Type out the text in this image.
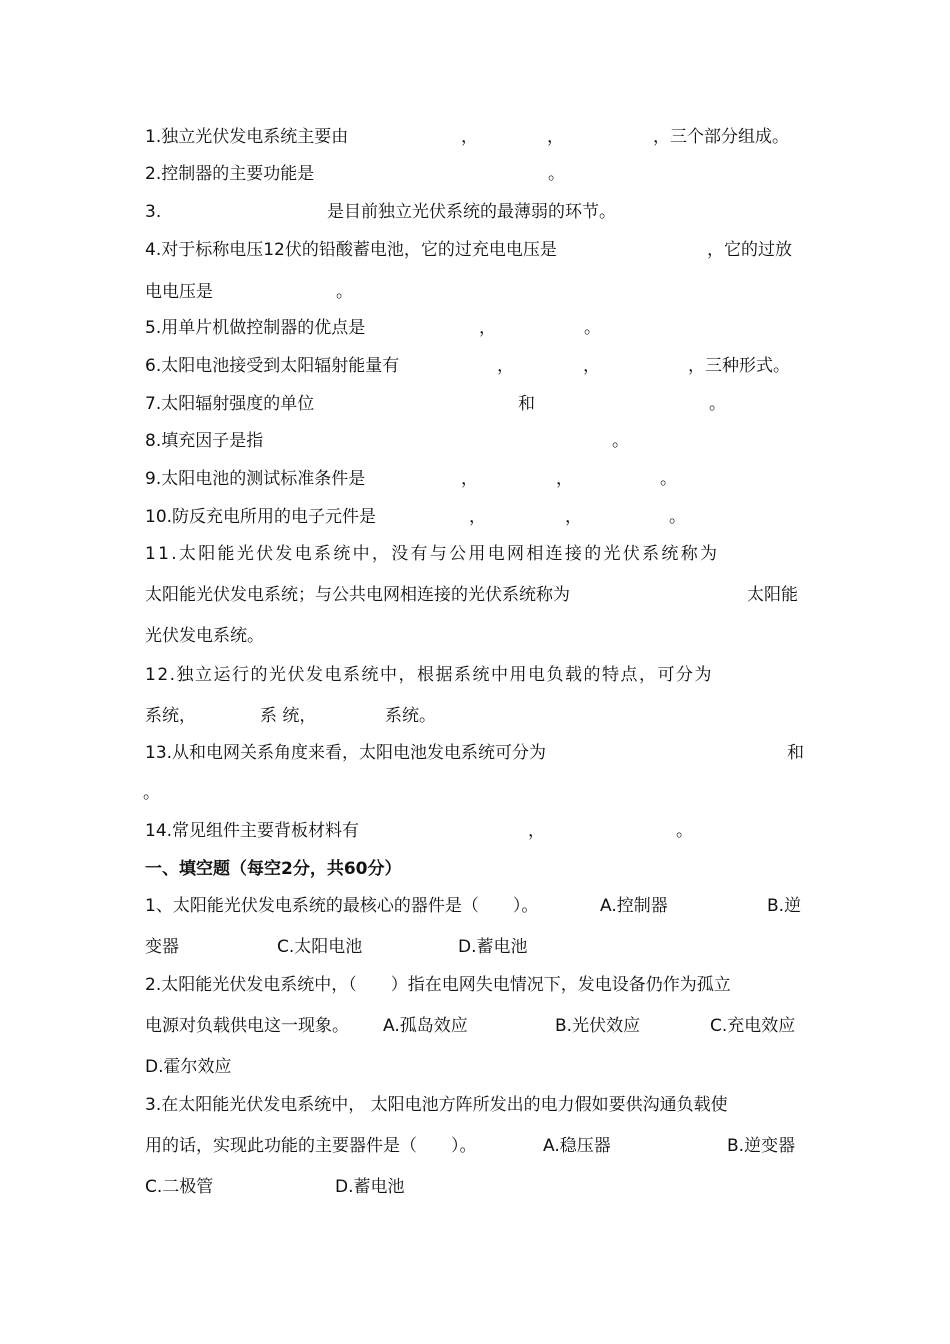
1.独立光伏发电系统主要由	，	，	，三个部分组成。
2.控制器的主要功能是	。
3.	是目前独立光伏系统的最薄弱的环节。
4.对于标称电压12伏的铅酸蓄电池，它的过充电电压是	，它的过放
电电压是	。
5.用单片机做控制器的优点是	，	。
6.太阳电池接受到太阳辐射能量有	，	，	，三种形式。
7.太阳辐射强度的单位	和	。
8.填充因子是指	。
9.太阳电池的测试标准条件是	，	，	。
10.防反充电所用的电子元件是	，	，	。
11.太阳能光伏发电系统中，没有与公用电网相连接的光伏系统称为
太阳能光伏发电系统；与公共电网相连接的光伏系统称为	太阳能
光伏发电系统。
12.独立运行的光伏发电系统中，根据系统中用电负载的特点，可分为
系统，	系 统，	系统。
13.从和电网关系角度来看，太阳电池发电系统可分为	和
。
14.常见组件主要背板材料有	，	。
一、填空题（每空2分，共60分）
1、太阳能光伏发电系统的最核心的器件是（　　）。	A.控制器	B.逆
变器	C.太阳电池	D.蓄电池
2.太阳能光伏发电系统中，（　　）指在电网失电情况下，发电设备仍作为孤立
电源对负载供电这一现象。 A.孤岛效应	B.光伏效应	C.充电效应
D.霍尔效应
3.在太阳能光伏发电系统中， 太阳电池方阵所发出的电力假如要供沟通负载使
用的话，实现此功能的主要器件是（　　）。	A.稳压器	B.逆变器
C.二极管	D.蓄电池
